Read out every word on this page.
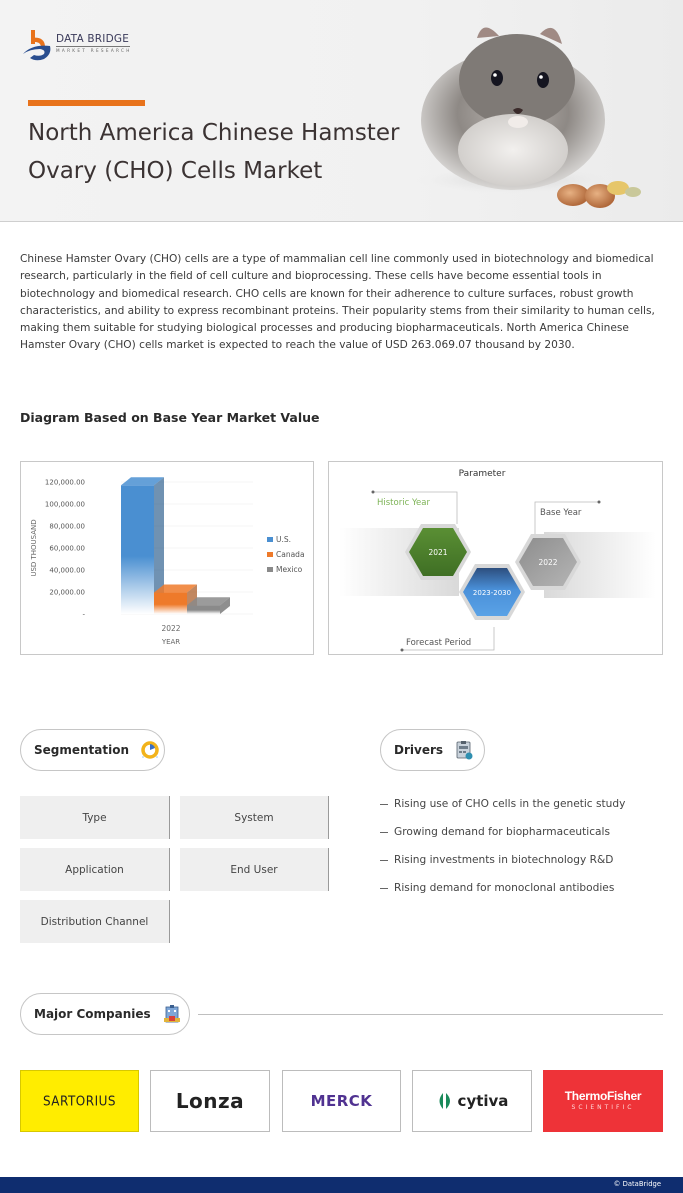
DATA BRIDGE
MARKET RESEARCH
North America Chinese Hamster
Ovary (CHO) Cells Market

Chinese Hamster Ovary (CHO) cells are a type of mammalian cell line commonly used in biotechnology and biomedical research, particularly in the field of cell culture and bioprocessing. These cells have become essential tools in biotechnology and biomedical research. CHO cells are known for their adherence to culture surfaces, robust growth characteristics, and ability to express recombinant proteins. Their popularity stems from their similarity to human cells, making them suitable for studying biological processes and producing biopharmaceuticals. North America Chinese Hamster Ovary (CHO) cells market is expected to reach the value of USD 263.069.07 thousand by 2030.

Diagram Based on Base Year Market Value
-
20,000.00
40,000.00
60,000.00
80,000.00
100,000.00
120,000.00
U.S.
Canada
Mexico
2022
YEAR
USD THOUSAND
Parameter
Historic Year
Base Year
Forecast Period
2021
2022
2023-2030
Segmentation
Type	System
Application	End User
Distribution Channel
Drivers
Rising use of CHO cells in the genetic study
Growing demand for biopharmaceuticals
Rising investments in biotechnology R&D
Rising demand for monoclonal antibodies
Major Companies
SARTORIUS	Lonza	MERCK	cytiva	ThermoFisher
SCIENTIFIC
© DataBridge
